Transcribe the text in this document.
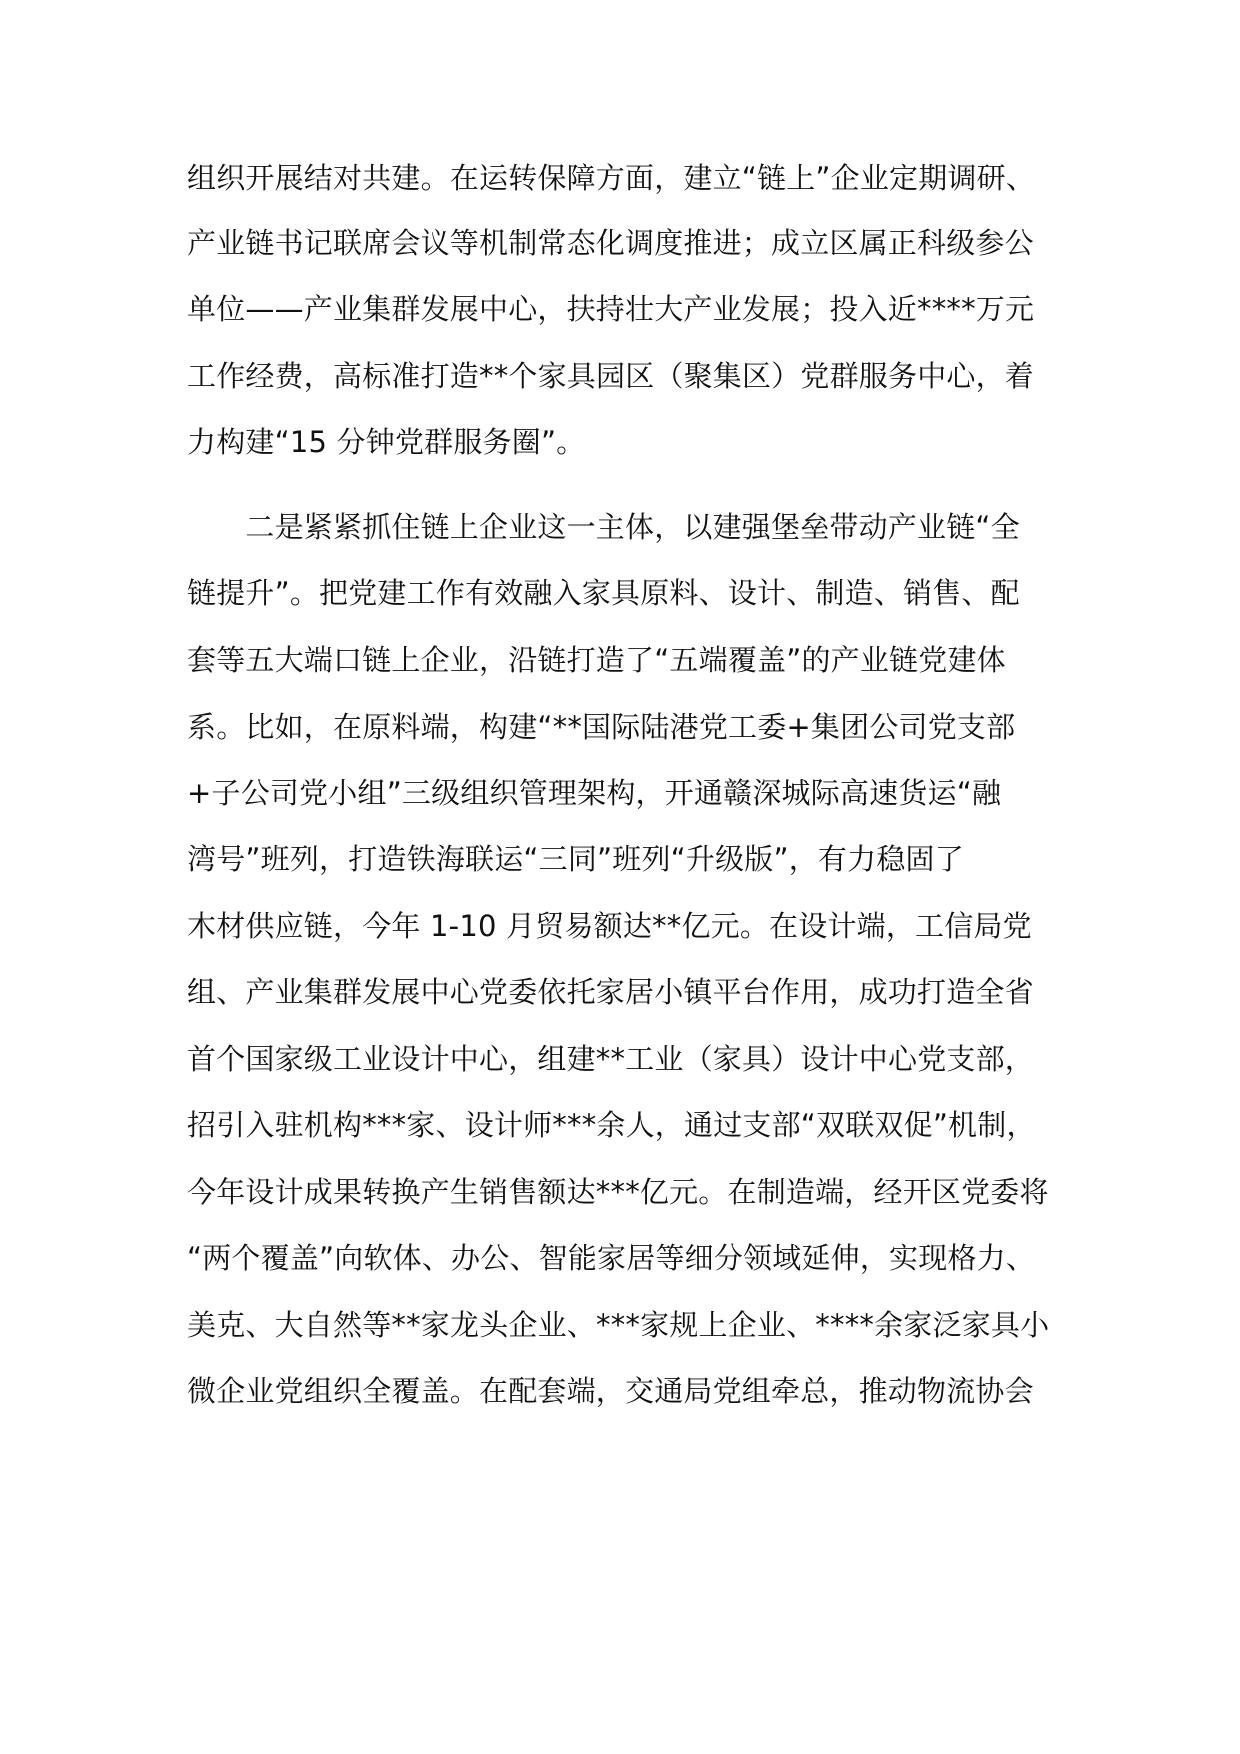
组织开展结对共建。在运转保障方面，建立“链上”企业定期调研、
产业链书记联席会议等机制常态化调度推进；成立区属正科级参公
单位——产业集群发展中心，扶持壮大产业发展；投入近****万元
工作经费，高标准打造**个家具园区（聚集区）党群服务中心，着
力构建“15 分钟党群服务圈”。
　　二是紧紧抓住链上企业这一主体，以建强堡垒带动产业链“全
链提升”。把党建工作有效融入家具原料、设计、制造、销售、配
套等五大端口链上企业，沿链打造了“五端覆盖”的产业链党建体
系。比如，在原料端，构建“**国际陆港党工委+集团公司党支部
+子公司党小组”三级组织管理架构，开通赣深城际高速货运“融
湾号”班列，打造铁海联运“三同”班列“升级版”，有力稳固了
木材供应链，今年 1-10 月贸易额达**亿元。在设计端，工信局党
组、产业集群发展中心党委依托家居小镇平台作用，成功打造全省
首个国家级工业设计中心，组建**工业（家具）设计中心党支部，
招引入驻机构***家、设计师***余人，通过支部“双联双促”机制，
今年设计成果转换产生销售额达***亿元。在制造端，经开区党委将
“两个覆盖”向软体、办公、智能家居等细分领域延伸，实现格力、
美克、大自然等**家龙头企业、***家规上企业、****余家泛家具小
微企业党组织全覆盖。在配套端，交通局党组牵总，推动物流协会
